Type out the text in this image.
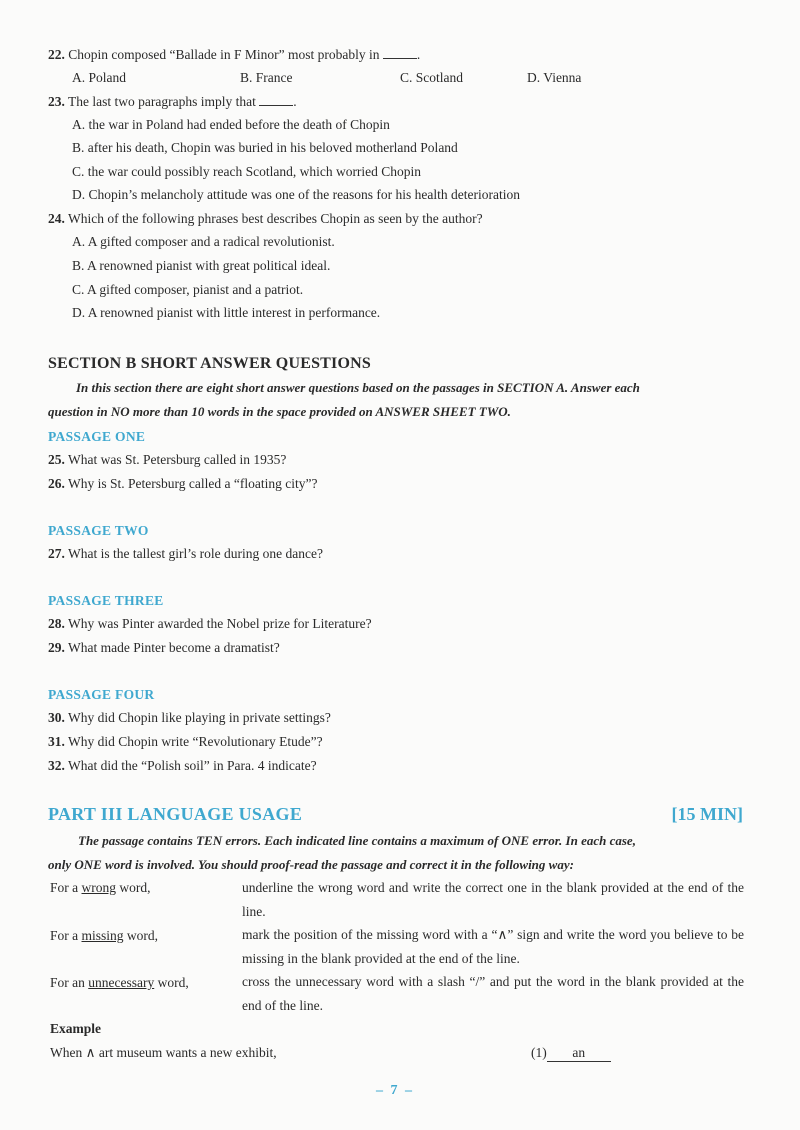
22. Chopin composed “Ballade in F Minor” most probably in	.
A. Poland	B. France	C. Scotland	D. Vienna
23. The last two paragraphs imply that	.
A. the war in Poland had ended before the death of Chopin
B. after his death, Chopin was buried in his beloved motherland Poland
C. the war could possibly reach Scotland, which worried Chopin
D. Chopin’s melancholy attitude was one of the reasons for his health deterioration
24. Which of the following phrases best describes Chopin as seen by the author?
A. A gifted composer and a radical revolutionist.
B. A renowned pianist with great political ideal.
C. A gifted composer, pianist and a patriot.
D. A renowned pianist with little interest in performance.
SECTION B SHORT ANSWER QUESTIONS
In this section there are eight short answer questions based on the passages in SECTION A. Answer each
question in NO more than 10 words in the space provided on ANSWER SHEET TWO.
PASSAGE ONE
25. What was St. Petersburg called in 1935?
26. Why is St. Petersburg called a “floating city”?
PASSAGE TWO
27. What is the tallest girl’s role during one dance?
PASSAGE THREE
28. Why was Pinter awarded the Nobel prize for Literature?
29. What made Pinter become a dramatist?
PASSAGE FOUR
30. Why did Chopin like playing in private settings?
31. Why did Chopin write “Revolutionary Etude”?
32. What did the “Polish soil” in Para. 4 indicate?
PART III LANGUAGE USAGE	[15 MIN]
The passage contains TEN errors. Each indicated line contains a maximum of ONE error. In each case,
only ONE word is involved. You should proof-read the passage and correct it in the following way:
For a wrong word,	underline the wrong word and write the correct one in the blank provided at the end of the line.
For a missing word,	mark the position of the missing word with a “∧” sign and write the word you believe to be missing in the blank provided at the end of the line.
For an unnecessary word,	cross the unnecessary word with a slash “/” and put the word in the blank provided at the end of the line.
Example
When ∧ art museum wants a new exhibit,	(1) an
– 7 –
